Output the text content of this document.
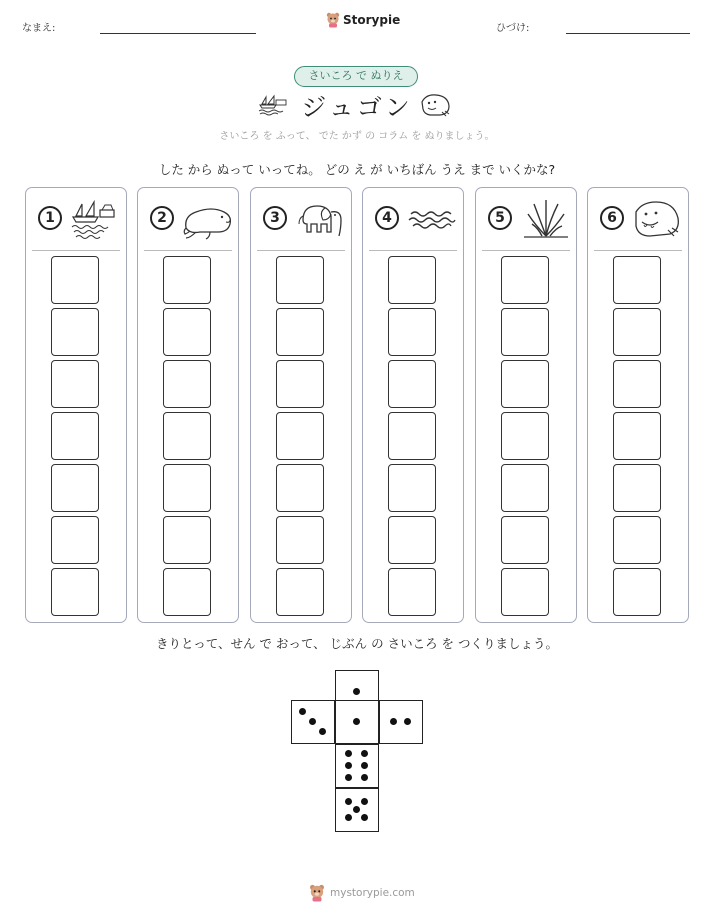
なまえ:
Storypie
ひづけ:
さいころ で ぬりえ
ジュゴン
さいころ を ふって、 でた かず の コラム を ぬりましょう。
した から ぬって いってね。 どの え が いちばん うえ まで いくかな?
1	2	3	4	5	6
きりとって、せん で おって、 じぶん の さいころ を つくりましょう。
mystorypie.com
